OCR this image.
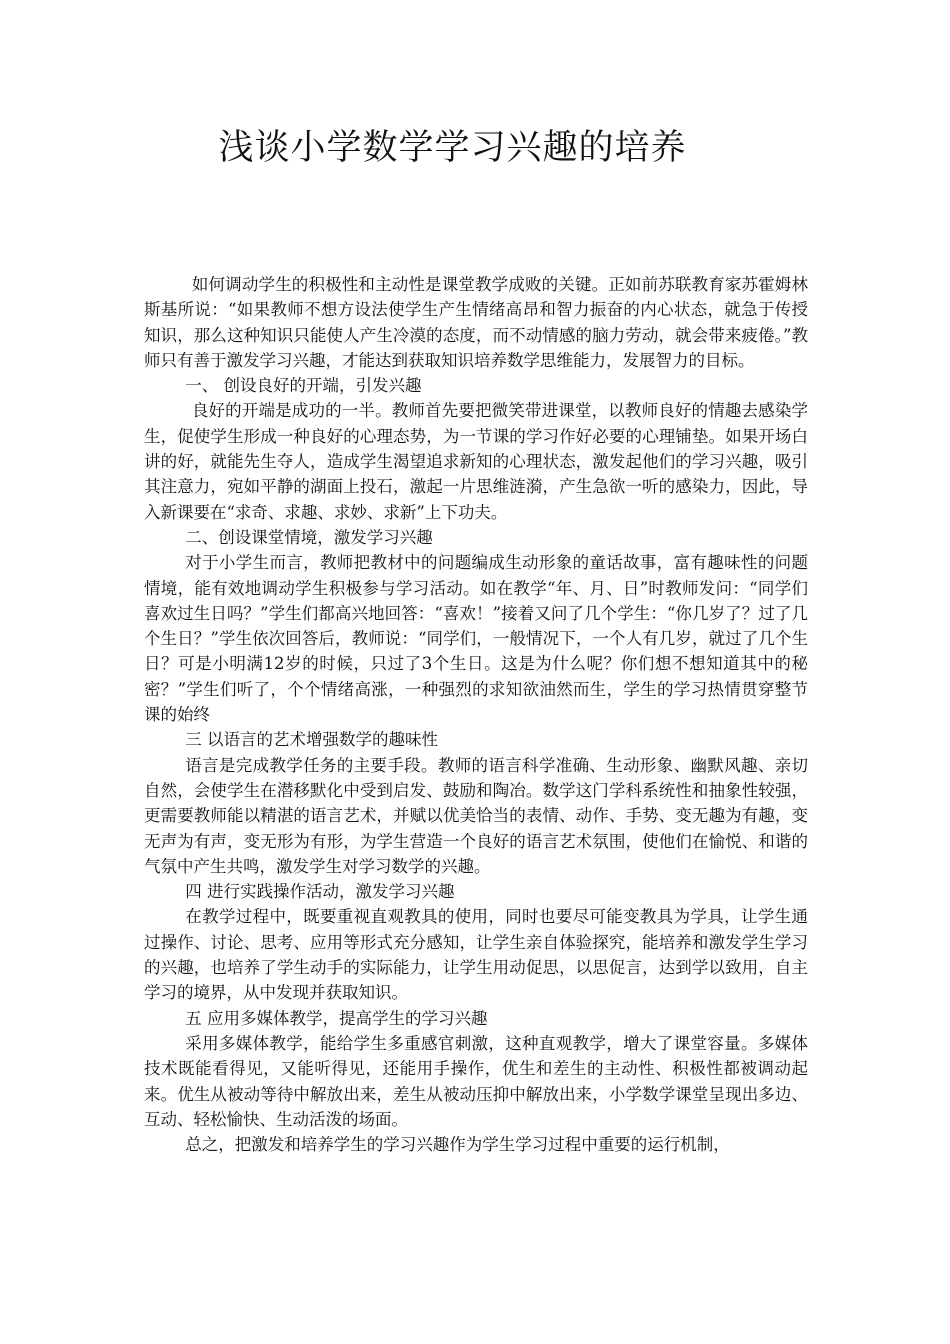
浅谈小学数学学习兴趣的培养

如何调动学生的积极性和主动性是课堂教学成败的关键。正如前苏联教育家苏霍姆林斯基所说：“如果教师不想方设法使学生产生情绪高昂和智力振奋的内心状态，就急于传授知识，那么这种知识只能使人产生冷漠的态度，而不动情感的脑力劳动，就会带来疲倦。”教师只有善于激发学习兴趣，才能达到获取知识培养数学思维能力，发展智力的目标。

一、 创设良好的开端，引发兴趣

良好的开端是成功的一半。教师首先要把微笑带进课堂，以教师良好的情趣去感染学生，促使学生形成一种良好的心理态势，为一节课的学习作好必要的心理铺垫。如果开场白讲的好，就能先生夺人，造成学生渴望追求新知的心理状态，激发起他们的学习兴趣，吸引其注意力，宛如平静的湖面上投石，激起一片思维涟漪，产生急欲一听的感染力，因此，导入新课要在“求奇、求趣、求妙、求新”上下功夫。

二、创设课堂情境，激发学习兴趣

对于小学生而言，教师把教材中的问题编成生动形象的童话故事，富有趣味性的问题情境，能有效地调动学生积极参与学习活动。如在教学“年、月、日”时教师发问：“同学们喜欢过生日吗？”学生们都高兴地回答：“喜欢！”接着又问了几个学生：“你几岁了？过了几个生日？”学生依次回答后，教师说：“同学们，一般情况下，一个人有几岁，就过了几个生日？可是小明满12岁的时候，只过了3个生日。这是为什么呢？你们想不想知道其中的秘密？”学生们听了，个个情绪高涨，一种强烈的求知欲油然而生，学生的学习热情贯穿整节课的始终

三 以语言的艺术增强数学的趣味性

语言是完成教学任务的主要手段。教师的语言科学准确、生动形象、幽默风趣、亲切自然，会使学生在潜移默化中受到启发、鼓励和陶冶。数学这门学科系统性和抽象性较强，更需要教师能以精湛的语言艺术，并赋以优美恰当的表情、动作、手势、变无趣为有趣，变无声为有声，变无形为有形，为学生营造一个良好的语言艺术氛围，使他们在愉悦、和谐的气氛中产生共鸣，激发学生对学习数学的兴趣。

四 进行实践操作活动，激发学习兴趣

在教学过程中，既要重视直观教具的使用，同时也要尽可能变教具为学具，让学生通过操作、讨论、思考、应用等形式充分感知，让学生亲自体验探究，能培养和激发学生学习的兴趣，也培养了学生动手的实际能力，让学生用动促思，以思促言，达到学以致用，自主学习的境界，从中发现并获取知识。

五 应用多媒体教学，提高学生的学习兴趣

采用多媒体教学，能给学生多重感官刺激，这种直观教学，增大了课堂容量。多媒体技术既能看得见，又能听得见，还能用手操作，优生和差生的主动性、积极性都被调动起来。优生从被动等待中解放出来，差生从被动压抑中解放出来，小学数学课堂呈现出多边、互动、轻松愉快、生动活泼的场面。

总之，把激发和培养学生的学习兴趣作为学生学习过程中重要的运行机制，
